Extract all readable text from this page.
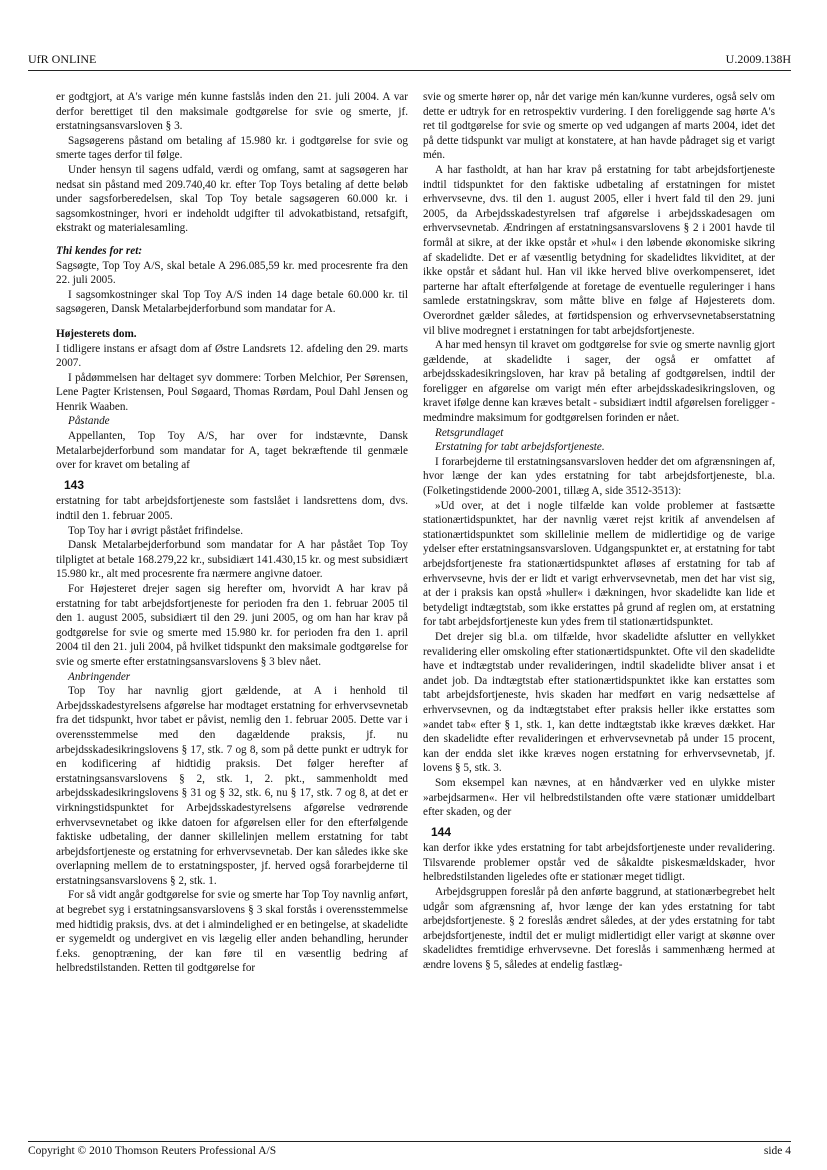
UfR ONLINE	U.2009.138H

er godtgjort, at A's varige mén kunne fastslås inden den 21. juli 2004. A var derfor berettiget til den maksimale godtgørelse for svie og smerte, jf. erstatningsansvarsloven § 3.

Sagsøgerens påstand om betaling af 15.980 kr. i godtgørelse for svie og smerte tages derfor til følge.

Under hensyn til sagens udfald, værdi og omfang, samt at sagsøgeren har nedsat sin påstand med 209.740,40 kr. efter Top Toys betaling af dette beløb under sagsforberedelsen, skal Top Toy betale sagsøgeren 60.000 kr. i sagsomkostninger, hvori er indeholdt udgifter til advokatbistand, retsafgift, ekstrakt og materialesamling.

Thi kendes for ret:

Sagsøgte, Top Toy A/S, skal betale A 296.085,59 kr. med procesrente fra den 22. juli 2005.

I sagsomkostninger skal Top Toy A/S inden 14 dage betale 60.000 kr. til sagsøgeren, Dansk Metalarbejderforbund som mandatar for A.

Højesterets dom.

I tidligere instans er afsagt dom af Østre Landsrets 12. afdeling den 29. marts 2007.

I pådømmelsen har deltaget syv dommere: Torben Melchior, Per Sørensen, Lene Pagter Kristensen, Poul Søgaard, Thomas Rørdam, Poul Dahl Jensen og Henrik Waaben.

Påstande

Appellanten, Top Toy A/S, har over for indstævnte, Dansk Metalarbejderforbund som mandatar for A, taget bekræftende til genmæle over for kravet om betaling af

143

erstatning for tabt arbejdsfortjeneste som fastslået i landsrettens dom, dvs. indtil den 1. februar 2005.

Top Toy har i øvrigt påstået frifindelse.

Dansk Metalarbejderforbund som mandatar for A har påstået Top Toy tilpligtet at betale 168.279,22 kr., subsidiært 141.430,15 kr. og mest subsidiært 15.980 kr., alt med procesrente fra nærmere angivne datoer.

For Højesteret drejer sagen sig herefter om, hvorvidt A har krav på erstatning for tabt arbejdsfortjeneste for perioden fra den 1. februar 2005 til den 1. august 2005, subsidiært til den 29. juni 2005, og om han har krav på godtgørelse for svie og smerte med 15.980 kr. for perioden fra den 1. april 2004 til den 21. juli 2004, på hvilket tidspunkt den maksimale godtgørelse for svie og smerte efter erstatningsansvarslovens § 3 blev nået.

Anbringender

Top Toy har navnlig gjort gældende, at A i henhold til Arbejdsskadestyrelsens afgørelse har modtaget erstatning for erhvervsevnetab fra det tidspunkt, hvor tabet er påvist, nemlig den 1. februar 2005. Dette var i overensstemmelse med den dagældende praksis, jf. nu arbejdsskadesikringslovens § 17, stk. 7 og 8, som på dette punkt er udtryk for en kodificering af hidtidig praksis. Det følger herefter af erstatningsansvarslovens § 2, stk. 1, 2. pkt., sammenholdt med arbejdsskadesikringslovens § 31 og § 32, stk. 6, nu § 17, stk. 7 og 8, at det er virkningstidspunktet for Arbejdsskadestyrelsens afgørelse vedrørende erhvervsevnetabet og ikke datoen for afgørelsen eller for den efterfølgende faktiske udbetaling, der danner skillelinjen mellem erstatning for tabt arbejdsfortjeneste og erstatning for erhvervsevnetab. Der kan således ikke ske overlapning mellem de to erstatningsposter, jf. herved også forarbejderne til erstatningsansvarslovens § 2, stk. 1.

For så vidt angår godtgørelse for svie og smerte har Top Toy navnlig anført, at begrebet syg i erstatningsansvarslovens § 3 skal forstås i overensstemmelse med hidtidig praksis, dvs. at det i almindelighed er en betingelse, at skadelidte er sygemeldt og undergivet en vis lægelig eller anden behandling, herunder f.eks. genoptræning, der kan føre til en væsentlig bedring af helbredstilstanden. Retten til godtgørelse for

svie og smerte hører op, når det varige mén kan/kunne vurderes, også selv om dette er udtryk for en retrospektiv vurdering. I den foreliggende sag hørte A's ret til godtgørelse for svie og smerte op ved udgangen af marts 2004, idet det på dette tidspunkt var muligt at konstatere, at han havde pådraget sig et varigt mén.

A har fastholdt, at han har krav på erstatning for tabt arbejdsfortjeneste indtil tidspunktet for den faktiske udbetaling af erstatningen for mistet erhvervsevne, dvs. til den 1. august 2005, eller i hvert fald til den 29. juni 2005, da Arbejdsskadestyrelsen traf afgørelse i arbejdsskadesagen om erhvervsevnetab. Ændringen af erstatningsansvarslovens § 2 i 2001 havde til formål at sikre, at der ikke opstår et »hul« i den løbende økonomiske sikring af skadelidte. Det er af væsentlig betydning for skadelidtes likviditet, at der ikke opstår et sådant hul. Han vil ikke herved blive overkompenseret, idet parterne har aftalt efterfølgende at foretage de eventuelle reguleringer i hans samlede erstatningskrav, som måtte blive en følge af Højesterets dom. Overordnet gælder således, at førtidspension og erhvervsevnetabserstatning vil blive modregnet i erstatningen for tabt arbejdsfortjeneste.

A har med hensyn til kravet om godtgørelse for svie og smerte navnlig gjort gældende, at skadelidte i sager, der også er omfattet af arbejdsskadesikringsloven, har krav på betaling af godtgørelsen, indtil der foreligger en afgørelse om varigt mén efter arbejdsskadesikringsloven, og kravet ifølge denne kan kræves betalt - subsidiært indtil afgørelsen foreligger - medmindre maksimum for godtgørelsen forinden er nået.

Retsgrundlaget

Erstatning for tabt arbejdsfortjeneste.

I forarbejderne til erstatningsansvarsloven hedder det om afgrænsningen af, hvor længe der kan ydes erstatning for tabt arbejdsfortjeneste, bl.a. (Folketingstidende 2000-2001, tillæg A, side 3512-3513):

»Ud over, at det i nogle tilfælde kan volde problemer at fastsætte stationærtidspunktet, har der navnlig været rejst kritik af anvendelsen af stationærtidspunktet som skillelinie mellem de midlertidige og de varige ydelser efter erstatningsansvarsloven. Udgangspunktet er, at erstatning for tabt arbejdsfortjeneste fra stationærtidspunktet afløses af erstatning for tab af erhvervsevne, hvis der er lidt et varigt erhvervsevnetab, men det har vist sig, at der i praksis kan opstå »huller« i dækningen, hvor skadelidte kan lide et betydeligt indtægtstab, som ikke erstattes på grund af reglen om, at erstatning for tabt arbejdsfortjeneste kun ydes frem til stationærtidspunktet.

Det drejer sig bl.a. om tilfælde, hvor skadelidte afslutter en vellykket revalidering eller omskoling efter stationærtidspunktet. Ofte vil den skadelidte have et indtægtstab under revalideringen, indtil skadelidte bliver ansat i et andet job. Da indtægtstab efter stationærtidspunktet ikke kan erstattes som tabt arbejdsfortjeneste, hvis skaden har medført en varig nedsættelse af erhvervsevnen, og da indtægtstabet efter praksis heller ikke erstattes som »andet tab« efter § 1, stk. 1, kan dette indtægtstab ikke kræves dækket. Har den skadelidte efter revalideringen et erhvervsevnetab på under 15 procent, kan der endda slet ikke kræves nogen erstatning for erhvervsevnetab, jf. lovens § 5, stk. 3.

Som eksempel kan nævnes, at en håndværker ved en ulykke mister »arbejdsarmen«. Her vil helbredstilstanden ofte være stationær umiddelbart efter skaden, og der

144

kan derfor ikke ydes erstatning for tabt arbejdsfortjeneste under revalidering. Tilsvarende problemer opstår ved de såkaldte piskesmældskader, hvor helbredstilstanden ligeledes ofte er stationær meget tidligt.

Arbejdsgruppen foreslår på den anførte baggrund, at stationærbegrebet helt udgår som afgrænsning af, hvor længe der kan ydes erstatning for tabt arbejdsfortjeneste. § 2 foreslås ændret således, at der ydes erstatning for tabt arbejdsfortjeneste, indtil det er muligt midlertidigt eller varigt at skønne over skadelidtes fremtidige erhvervsevne. Det foreslås i sammenhæng hermed at ændre lovens § 5, således at endelig fastlæg-

Copyright © 2010 Thomson Reuters Professional A/S	side 4
